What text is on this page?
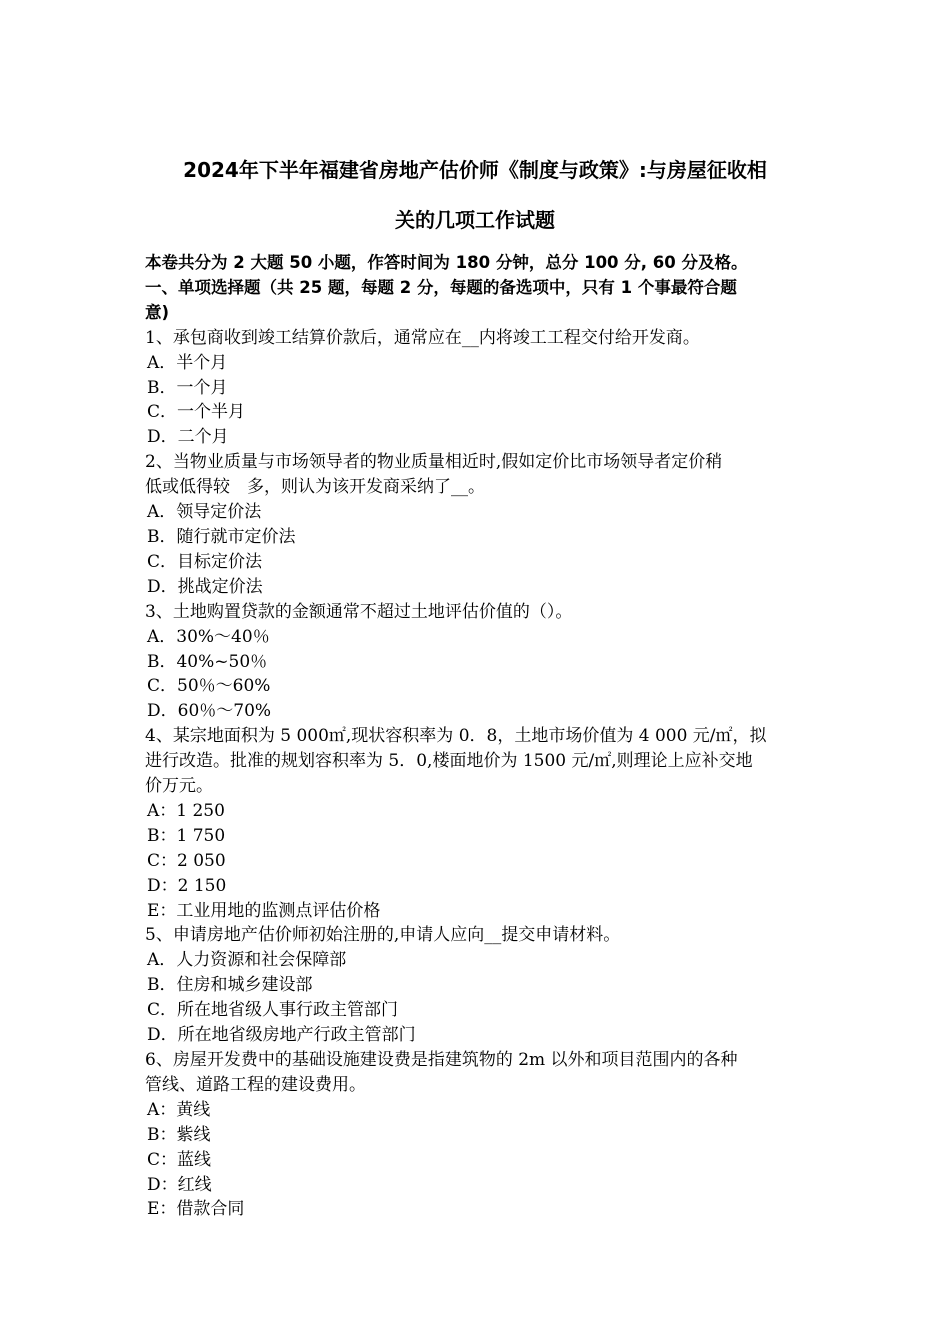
2024年下半年福建省房地产估价师《制度与政策》:与房屋征收相
关的几项工作试题

本卷共分为 2 大题 50 小题，作答时间为 180 分钟，总分 100 分, 60 分及格。

一、单项选择题（共 25 题，每题 2 分，每题的备选项中，只有 1 个事最符合题

意)

1、承包商收到竣工结算价款后，通常应在__内将竣工工程交付给开发商。

A．半个月

B．一个月

C．一个半月

D．二个月

2、当物业质量与市场领导者的物业质量相近时,假如定价比市场领导者定价稍

低或低得较　多，则认为该开发商采纳了__。

A．领导定价法

B．随行就市定价法

C．目标定价法

D．挑战定价法

3、土地购置贷款的金额通常不超过土地评估价值的（）。

A．30%～40％

B．40%~50％

C．50％～60%

D．60％～70%

4、某宗地面积为 5 000㎡,现状容积率为 0．8，土地市场价值为 4 000 元/㎡，拟

进行改造。批准的规划容积率为 5．0,楼面地价为 1500 元/㎡,则理论上应补交地

价万元。

A：1 250

B：1 750

C：2 050

D：2 150

E：工业用地的监测点评估价格

5、申请房地产估价师初始注册的,申请人应向__提交申请材料。

A．人力资源和社会保障部

B．住房和城乡建设部

C．所在地省级人事行政主管部门

D．所在地省级房地产行政主管部门

6、房屋开发费中的基础设施建设费是指建筑物的 2m 以外和项目范围内的各种

管线、道路工程的建设费用。

A：黄线

B：紫线

C：蓝线

D：红线

E：借款合同
